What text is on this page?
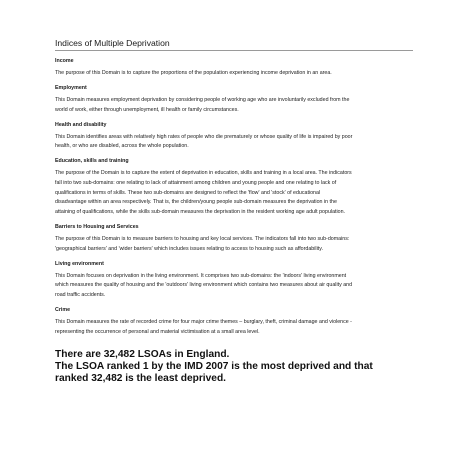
Indices of Multiple Deprivation
Income

The purpose of this Domain is to capture the proportions of the population experiencing income deprivation in an area.

Employment

This Domain measures employment deprivation by considering people of working age who are involuntarily excluded from the

world of work, either through unemployment, ill health or family circumstances.

Health and disability

This Domain identifies areas with relatively high rates of people who die prematurely or whose quality of life is impaired by poor

health, or who are disabled, across the whole population.

Education, skills and training

The purpose of the Domain is to capture the extent of deprivation in education, skills and training in a local area. The indicators

fall into two sub-domains: one relating to lack of attainment among children and young people and one relating to lack of

qualifications in terms of skills. These two sub-domains are designed to reflect the 'flow' and 'stock' of educational

disadvantage within an area respectively. That is, the children/young people sub-domain measures the deprivation in the

attaining of qualifications, while the skills sub-domain measures the deprivation in the resident working age adult population.

Barriers to Housing and Services

The purpose of this Domain is to measure barriers to housing and key local services. The indicators fall into two sub-domains:

'geographical barriers' and 'wider barriers' which includes issues relating to access to housing such as affordability.

Living environment

This Domain focuses on deprivation in the living environment. It comprises two sub-domains: the 'indoors' living environment

which measures the quality of housing and the 'outdoors' living environment which contains two measures about air quality and

road traffic accidents.

Crime

This Domain measures the rate of recorded crime for four major crime themes – burglary, theft, criminal damage and violence -

representing the occurrence of personal and material victimisation at a small area level.

There are 32,482 LSOAs in England.
The LSOA ranked 1 by the IMD 2007 is the most deprived and that
ranked 32,482 is the least deprived.
